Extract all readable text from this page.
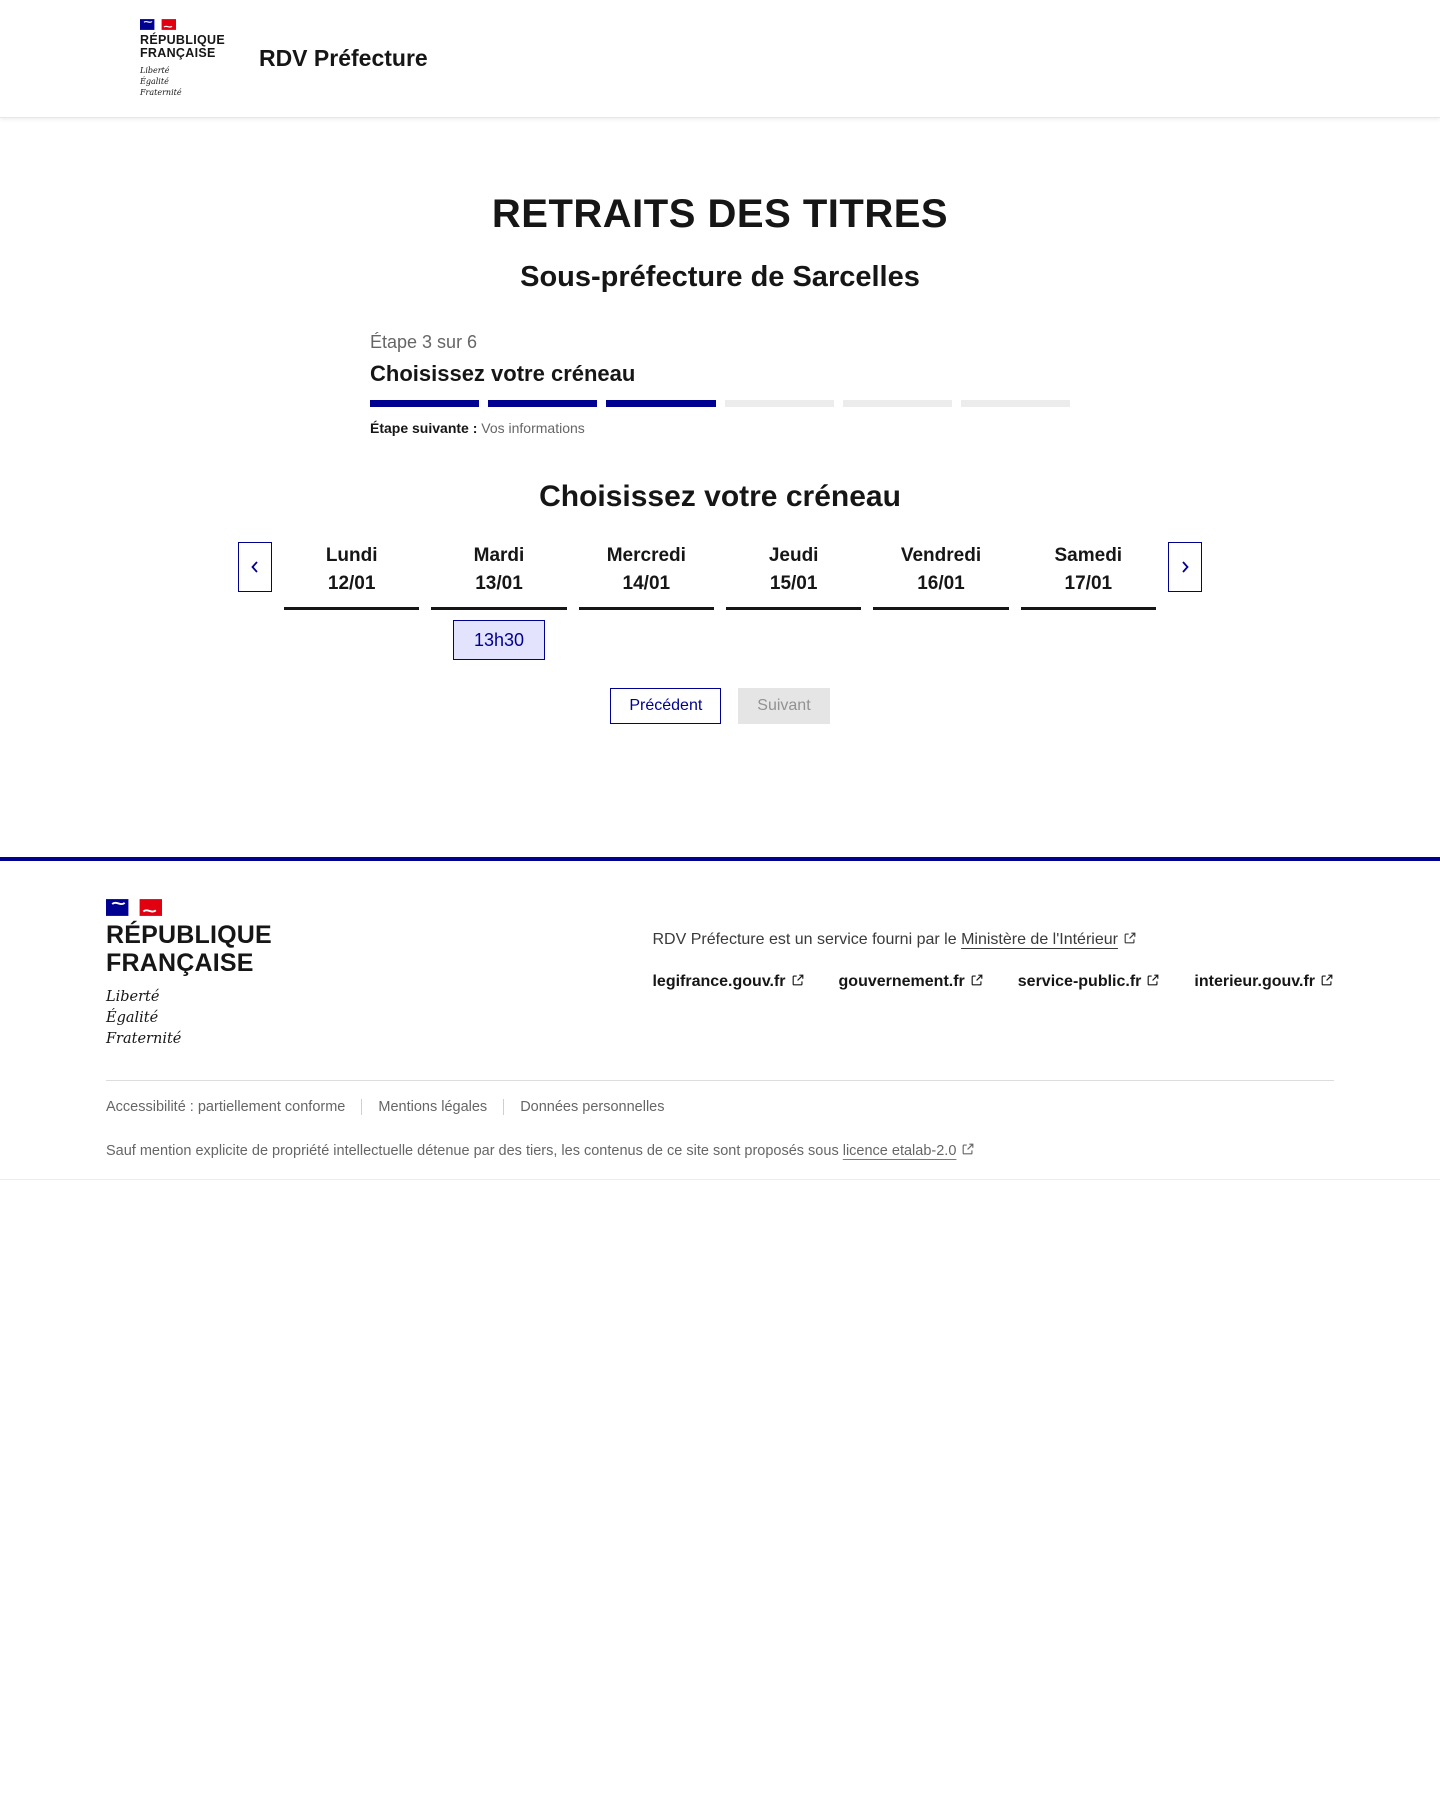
RÉPUBLIQUE
FRANÇAISE
Liberté
Égalité
Fraternité
RDV Préfecture
RETRAITS DES TITRES
Sous-préfecture de Sarcelles
Étape 3 sur 6
Choisissez votre créneau
Étape suivante : Vos informations
Choisissez votre créneau
Lundi
12/01
Mardi
13/01
13h30
Mercredi
14/01
Jeudi
15/01
Vendredi
16/01
Samedi
17/01
Précédent	Suivant
RÉPUBLIQUE
FRANÇAISE
Liberté
Égalité
Fraternité
RDV Préfecture est un service fourni par le Ministère de l'Intérieur
legifrance.gouv.fr	gouvernement.fr	service-public.fr	interieur.gouv.fr
Accessibilité : partiellement conforme Mentions légales Données personnelles
Sauf mention explicite de propriété intellectuelle détenue par des tiers, les contenus de ce site sont proposés sous licence etalab-2.0
